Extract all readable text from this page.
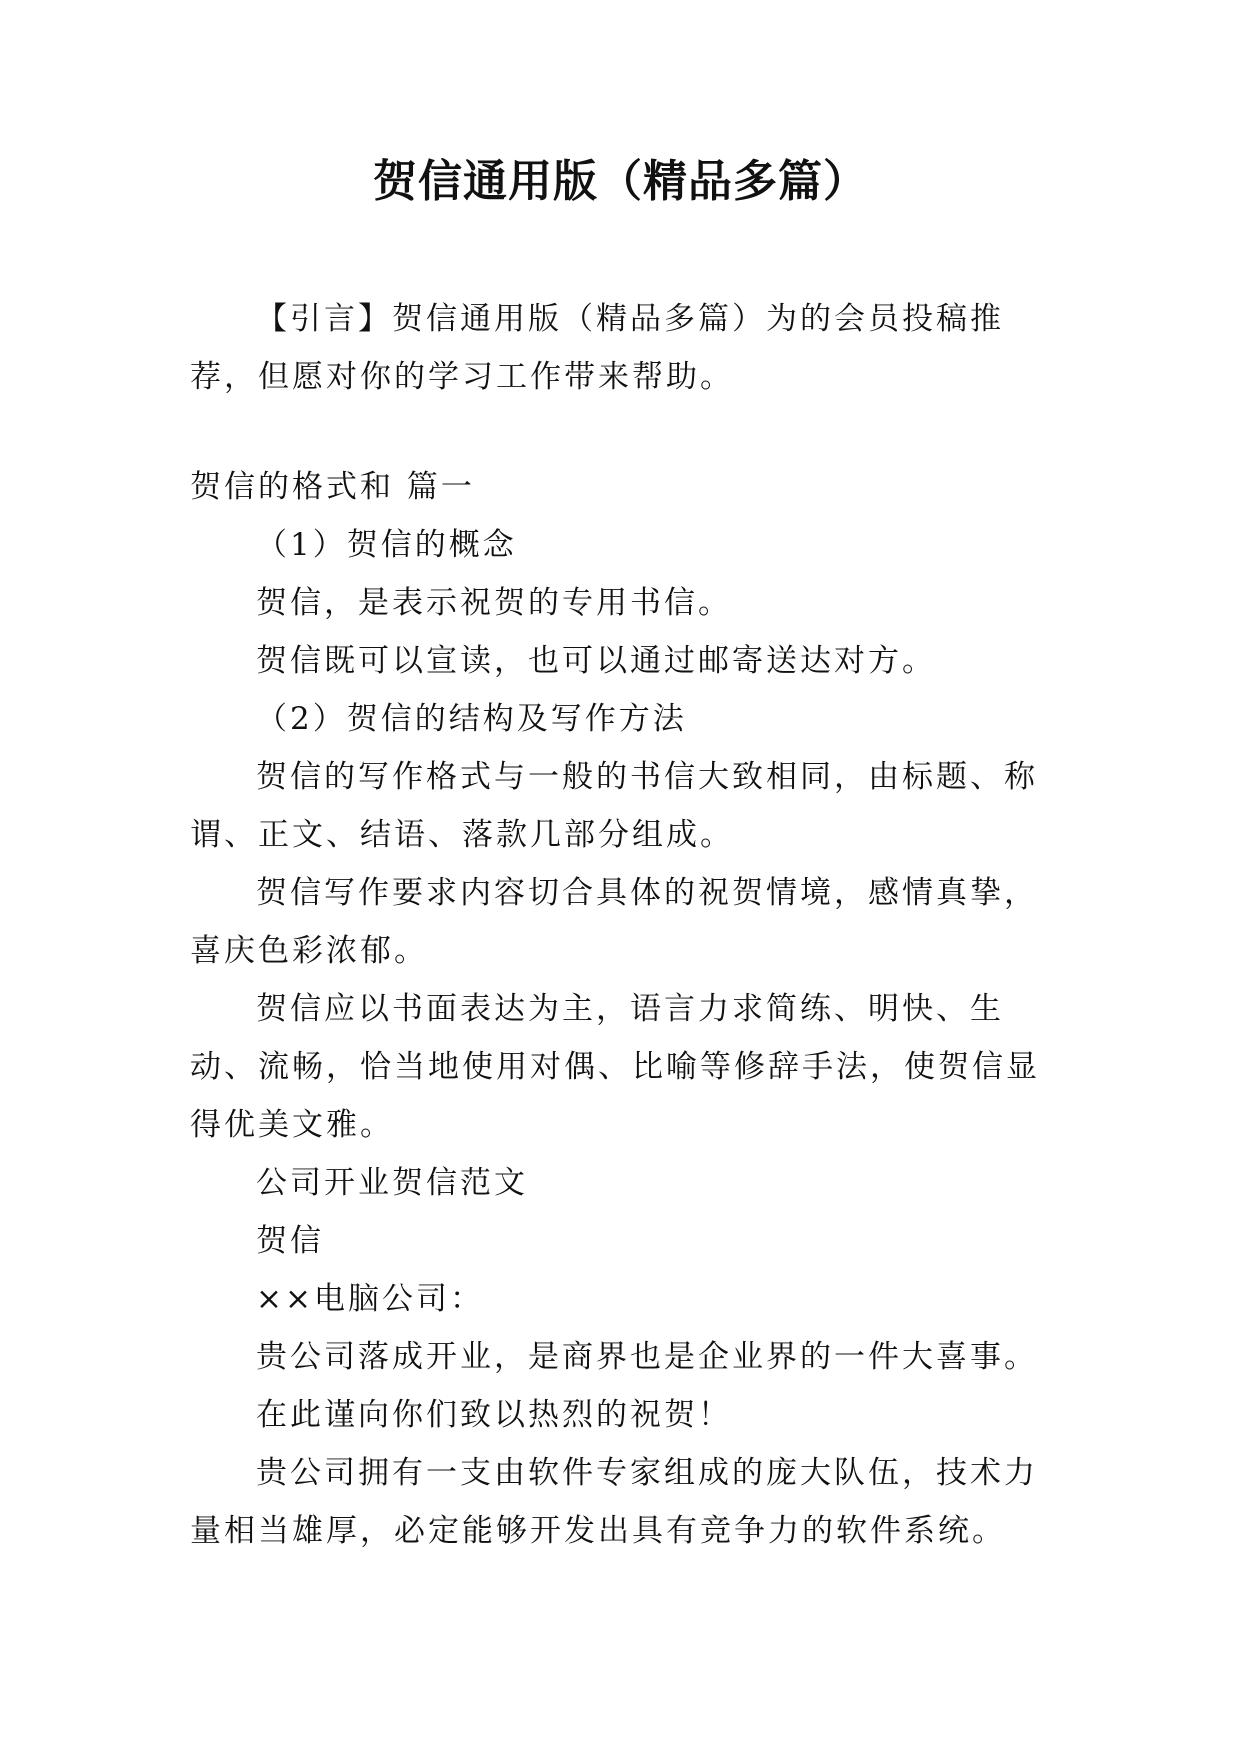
贺信通用版（精品多篇）

【引言】贺信通用版（精品多篇）为的会员投稿推荐，但愿对你的学习工作带来帮助。

贺信的格式和 篇一

（1）贺信的概念

贺信，是表示祝贺的专用书信。

贺信既可以宣读，也可以通过邮寄送达对方。

（2）贺信的结构及写作方法

贺信的写作格式与一般的书信大致相同，由标题、称谓、正文、结语、落款几部分组成。

贺信写作要求内容切合具体的祝贺情境，感情真挚，喜庆色彩浓郁。

贺信应以书面表达为主，语言力求简练、明快、生动、流畅，恰当地使用对偶、比喻等修辞手法，使贺信显得优美文雅。

公司开业贺信范文

贺信

××电脑公司：

贵公司落成开业，是商界也是企业界的一件大喜事。

在此谨向你们致以热烈的祝贺！

贵公司拥有一支由软件专家组成的庞大队伍，技术力量相当雄厚，必定能够开发出具有竞争力的软件系统。
